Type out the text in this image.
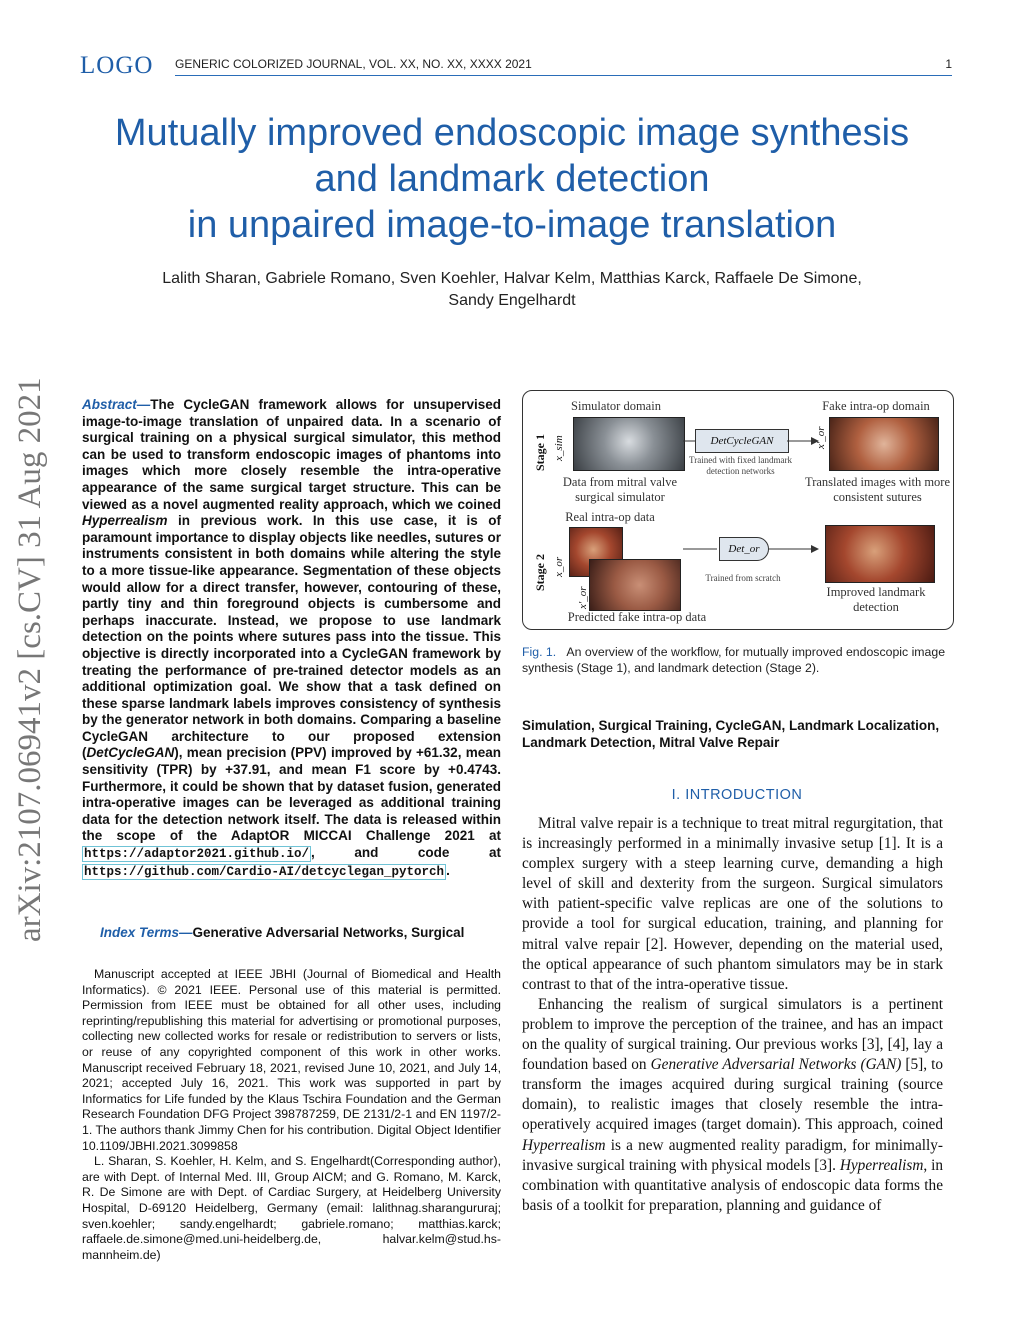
LOGO GENERIC COLORIZED JOURNAL, VOL. XX, NO. XX, XXXX 2021	1
Mutually improved endoscopic image synthesis
and landmark detection
in unpaired image-to-image translation
Lalith Sharan, Gabriele Romano, Sven Koehler, Halvar Kelm, Matthias Karck, Raffaele De Simone,
Sandy Engelhardt
arXiv:2107.06941v2 [cs.CV] 31 Aug 2021	Abstract—The CycleGAN framework allows for unsupervised image-to-image translation of unpaired data. In a scenario of surgical training on a physical surgical simulator, this method can be used to transform endoscopic images of phantoms into images which more closely resemble the intra-operative appearance of the same surgical target structure. This can be viewed as a novel augmented reality approach, which we coined Hyperrealism in previous work. In this use case, it is of paramount importance to display objects like needles, sutures or instruments consistent in both domains while altering the style to a more tissue-like appearance. Segmentation of these objects would allow for a direct transfer, however, contouring of these, partly tiny and thin foreground objects is cumbersome and perhaps inaccurate. Instead, we propose to use landmark detection on the points where sutures pass into the tissue. This objective is directly incorporated into a CycleGAN framework by treating the performance of pre-trained detector models as an additional optimization goal. We show that a task defined on these sparse landmark labels improves consistency of synthesis by the generator network in both domains. Comparing a baseline CycleGAN architecture to our proposed extension (DetCycleGAN), mean precision (PPV) improved by +61.32, mean sensitivity (TPR) by +37.91, and mean F1 score by +0.4743. Furthermore, it could be shown that by dataset fusion, generated intra-operative images can be leveraged as additional training data for the detection network itself. The data is released within the scope of the AdaptOR MICCAI Challenge 2021 at https://adaptor2021.github.io/ , and code at https://github.com/Cardio-AI/detcyclegan_pytorch .
Index Terms—Generative Adversarial Networks, Surgical

Manuscript accepted at IEEE JBHI (Journal of Biomedical and Health Informatics). © 2021 IEEE. Personal use of this material is permitted. Permission from IEEE must be obtained for all other uses, including reprinting/republishing this material for advertising or promotional purposes, collecting new collected works for resale or redistribution to servers or lists, or reuse of any copyrighted component of this work in other works. Manuscript received February 18, 2021, revised June 10, 2021, and July 14, 2021; accepted July 16, 2021. This work was supported in part by Informatics for Life funded by the Klaus Tschira Foundation and the German Research Foundation DFG Project 398787259, DE 2131/2-1 and EN 1197/2-1. The authors thank Jimmy Chen for his contribution. Digital Object Identifier 10.1109/JBHI.2021.3099858

L. Sharan, S. Koehler, H. Kelm, and S. Engelhardt(Corresponding author), are with Dept. of Internal Med. III, Group AICM; and G. Romano, M. Karck, R. De Simone are with Dept. of Cardiac Surgery, at Heidelberg University Hospital, D-69120 Heidelberg, Germany (email: lalithnag.sharangururaj; sven.koehler; sandy.engelhardt; gabriele.romano; matthias.karck; raffaele.de.simone@med.uni-heidelberg.de, halvar.kelm@stud.hs-mannheim.de)

Stage 1
Stage 2
Simulator domain	Fake intra-op domain
x_sim	DetCycleGAN
Trained with fixed landmark detection networks
x'_or
Data from mitral valve surgical simulator
Translated images with more consistent sutures
Real intra-op data
x_or
x'_or
Det_or
Trained from scratch
Improved landmark detection
Predicted fake intra-op data
Fig. 1. An overview of the workflow, for mutually improved endoscopic image synthesis (Stage 1), and landmark detection (Stage 2).
Simulation, Surgical Training, CycleGAN, Landmark Localization, Landmark Detection, Mitral Valve Repair
I. INTRODUCTION

Mitral valve repair is a technique to treat mitral regurgitation, that is increasingly performed in a minimally invasive setup [1]. It is a complex surgery with a steep learning curve, demanding a high level of skill and dexterity from the surgeon. Surgical simulators with patient-specific valve replicas are one of the solutions to provide a tool for surgical education, training, and planning for mitral valve repair [2]. However, depending on the material used, the optical appearance of such phantom simulators may be in stark contrast to that of the intra-operative tissue.

Enhancing the realism of surgical simulators is a pertinent problem to improve the perception of the trainee, and has an impact on the quality of surgical training. Our previous works [3], [4], lay a foundation based on Generative Adversarial Networks (GAN) [5], to transform the images acquired during surgical training (source domain), to realistic images that closely resemble the intra-operatively acquired images (target domain). This approach, coined Hyperrealism is a new augmented reality paradigm, for minimally-invasive surgical training with physical models [3]. Hyperrealism, in combination with quantitative analysis of endoscopic data forms the basis of a toolkit for preparation, planning and guidance of
